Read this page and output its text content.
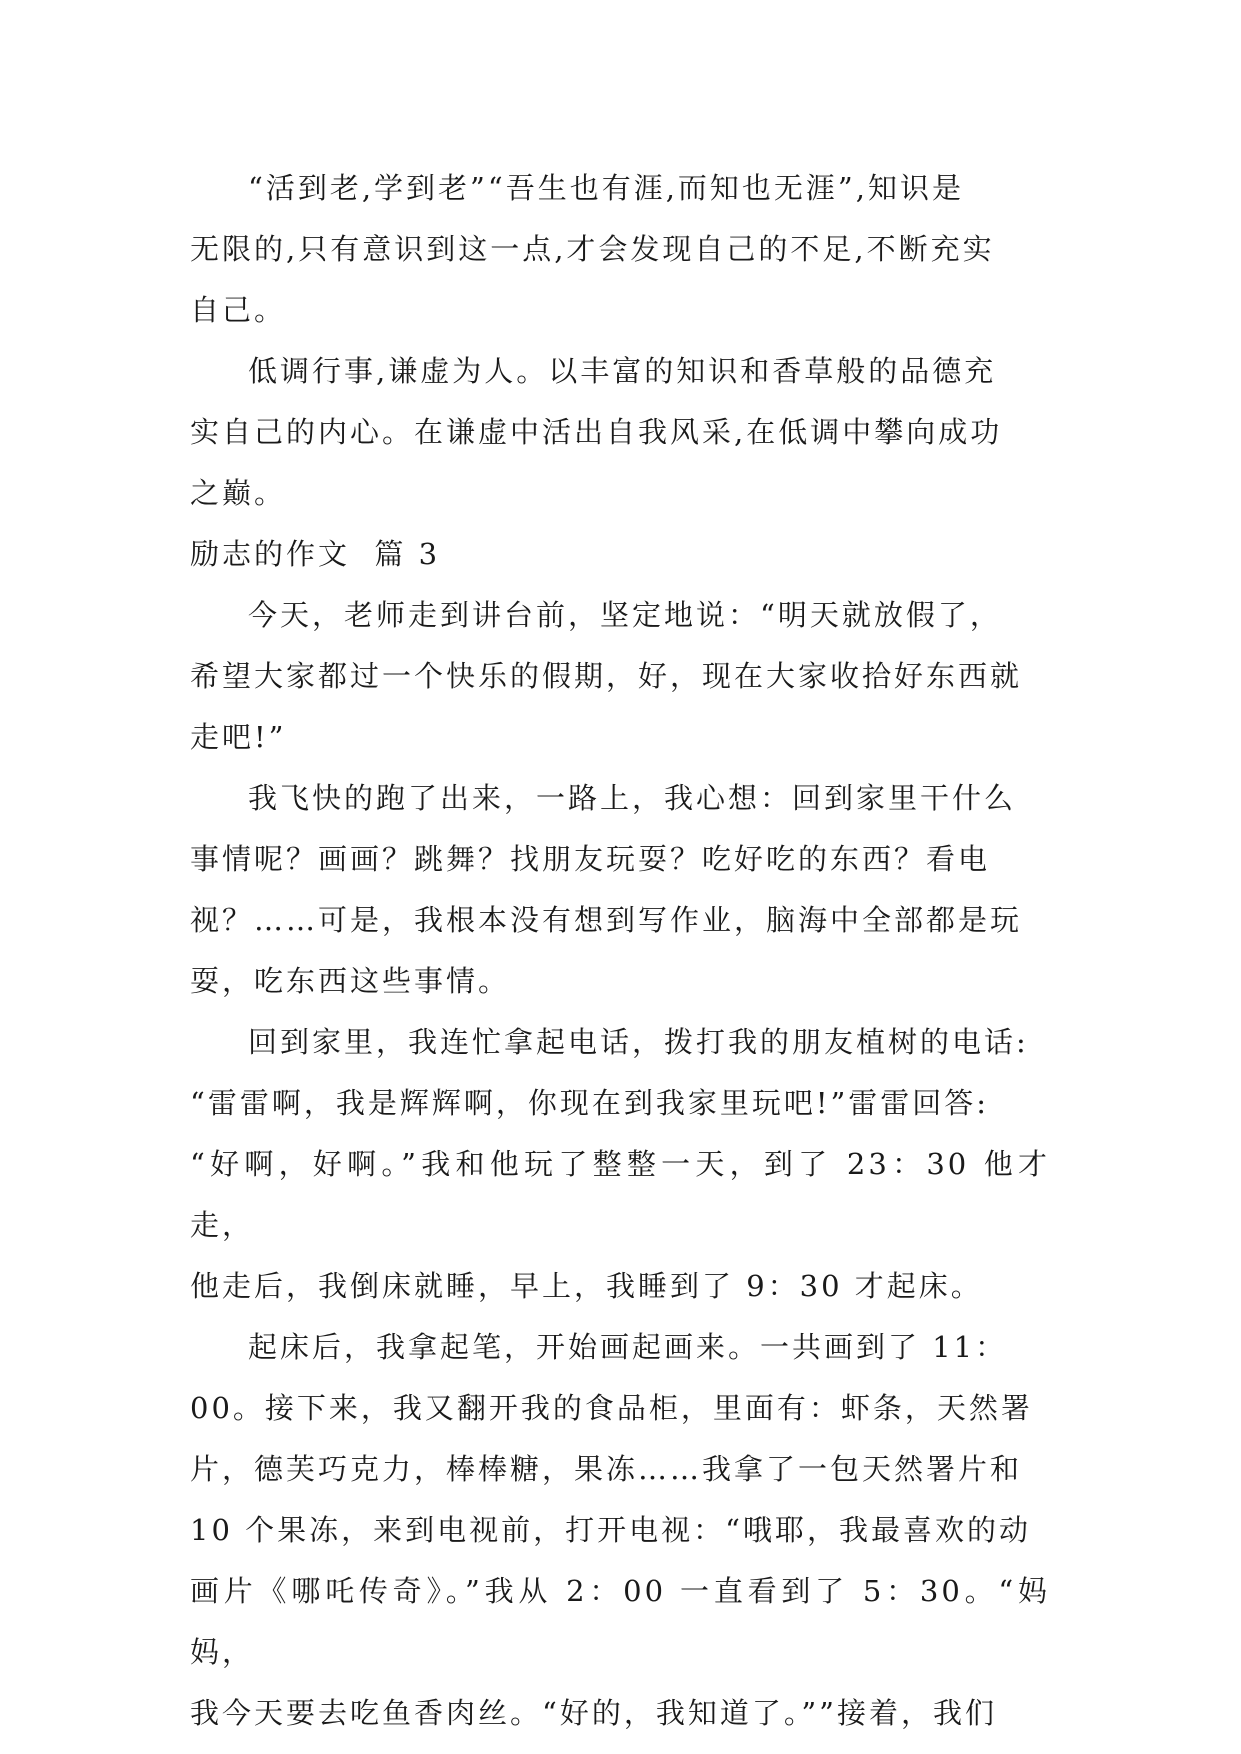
“活到老,学到老”“吾生也有涯,而知也无涯”,知识是
无限的,只有意识到这一点,才会发现自己的不足,不断充实
自己。

低调行事,谦虚为人。以丰富的知识和香草般的品德充
实自己的内心。在谦虚中活出自我风采,在低调中攀向成功
之巅。

励志的作文  篇 3

今天，老师走到讲台前，坚定地说：“明天就放假了，
希望大家都过一个快乐的假期，好，现在大家收拾好东西就
走吧!”

我飞快的跑了出来，一路上，我心想：回到家里干什么
事情呢？画画？跳舞？找朋友玩耍？吃好吃的东西？看电
视？……可是，我根本没有想到写作业，脑海中全部都是玩
耍，吃东西这些事情。

回到家里，我连忙拿起电话，拨打我的朋友植树的电话:
“雷雷啊，我是辉辉啊，你现在到我家里玩吧!”雷雷回答:
“好啊，好啊。”我和他玩了整整一天，到了 23：30 他才走，
他走后，我倒床就睡，早上，我睡到了 9：30 才起床。

起床后，我拿起笔，开始画起画来。一共画到了 11：
00。接下来，我又翻开我的食品柜，里面有：虾条，天然署
片，德芙巧克力，棒棒糖，果冻……我拿了一包天然署片和
10 个果冻，来到电视前，打开电视：“哦耶，我最喜欢的动
画片《哪吒传奇》。”我从 2：00 一直看到了 5：30。“妈妈，
我今天要去吃鱼香肉丝。“好的，我知道了。””接着，我们
